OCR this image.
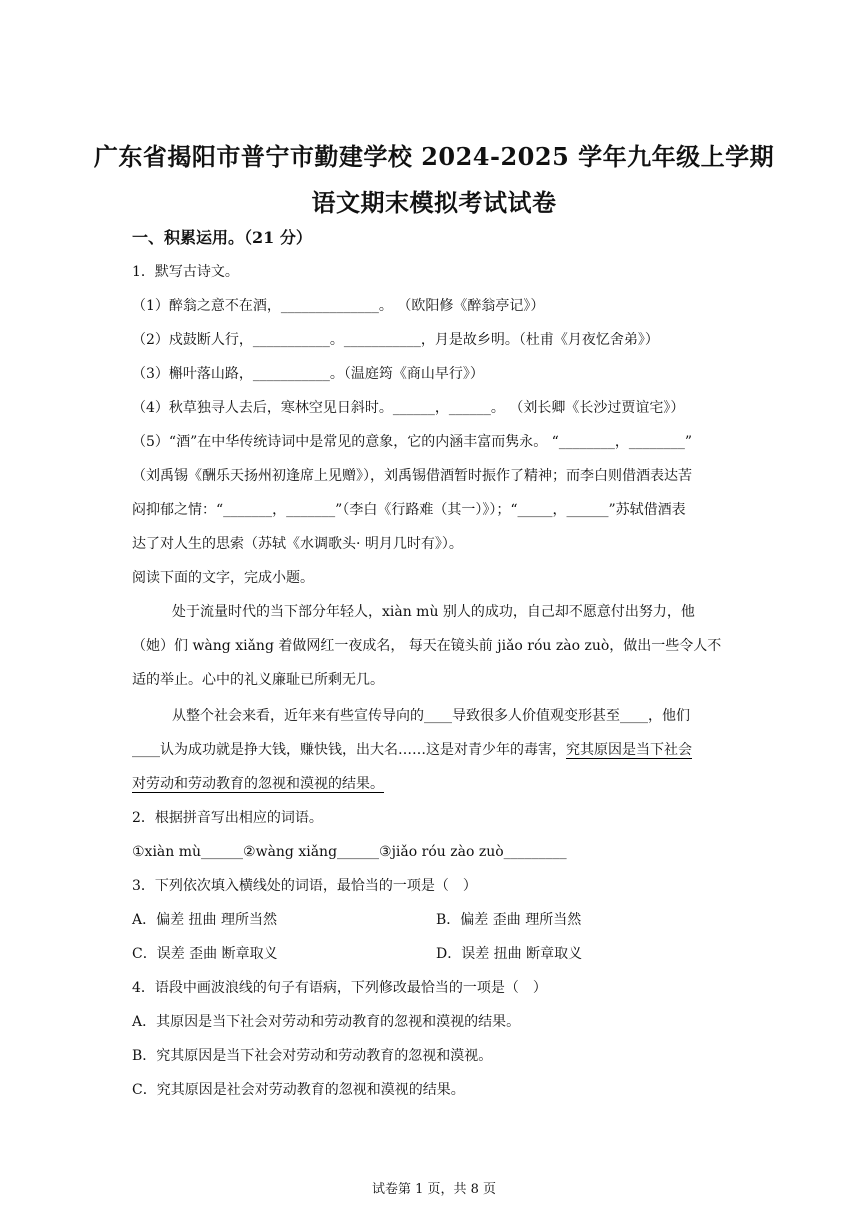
广东省揭阳市普宁市勤建学校 2024-2025 学年九年级上学期
语文期末模拟考试试卷
一、积累运用。（21 分）
1．默写古诗文。
（1）醉翁之意不在酒，______________。 （欧阳修《醉翁亭记》）
（2）戍鼓断人行，___________。___________，月是故乡明。（杜甫《月夜忆舍弟》）
（3）槲叶落山路，___________。（温庭筠《商山早行》）
（4）秋草独寻人去后，寒林空见日斜时。______，______。 （刘长卿《长沙过贾谊宅》）
（5）“酒”在中华传统诗词中是常见的意象，它的内涵丰富而隽永。 “________，________”
（刘禹锡《酬乐天扬州初逢席上见赠》），刘禹锡借酒暂时振作了精神；而李白则借酒表达苦
闷抑郁之情：“_______，_______”（李白《行路难（其一）》）；“_____，______”苏轼借酒表
达了对人生的思索（苏轼《水调歌头· 明月几时有》）。
阅读下面的文字，完成小题。
处于流量时代的当下部分年轻人，xiàn mù 别人的成功，自己却不愿意付出努力，他
（她）们 wàng xiǎng 着做网红一夜成名， 每天在镜头前 jiǎo róu zào zuò，做出一些令人不
适的举止。心中的礼义廉耻已所剩无几。
从整个社会来看，近年来有些宣传导向的____导致很多人价值观变形甚至____，他们
____认为成功就是挣大钱，赚快钱，出大名……这是对青少年的毒害，究其原因是当下社会
对劳动和劳动教育的忽视和漠视的结果。
2．根据拼音写出相应的词语。
①xiàn mù______②wàng xiǎng______③jiǎo róu zào zuò_________
3．下列依次填入横线处的词语，最恰当的一项是（　）
A．偏差 扭曲 理所当然	B．偏差 歪曲 理所当然
C．误差 歪曲 断章取义	D．误差 扭曲 断章取义
4．语段中画波浪线的句子有语病，下列修改最恰当的一项是（　）
A．其原因是当下社会对劳动和劳动教育的忽视和漠视的结果。
B．究其原因是当下社会对劳动和劳动教育的忽视和漠视。
C．究其原因是社会对劳动教育的忽视和漠视的结果。
试卷第 1 页，共 8 页
